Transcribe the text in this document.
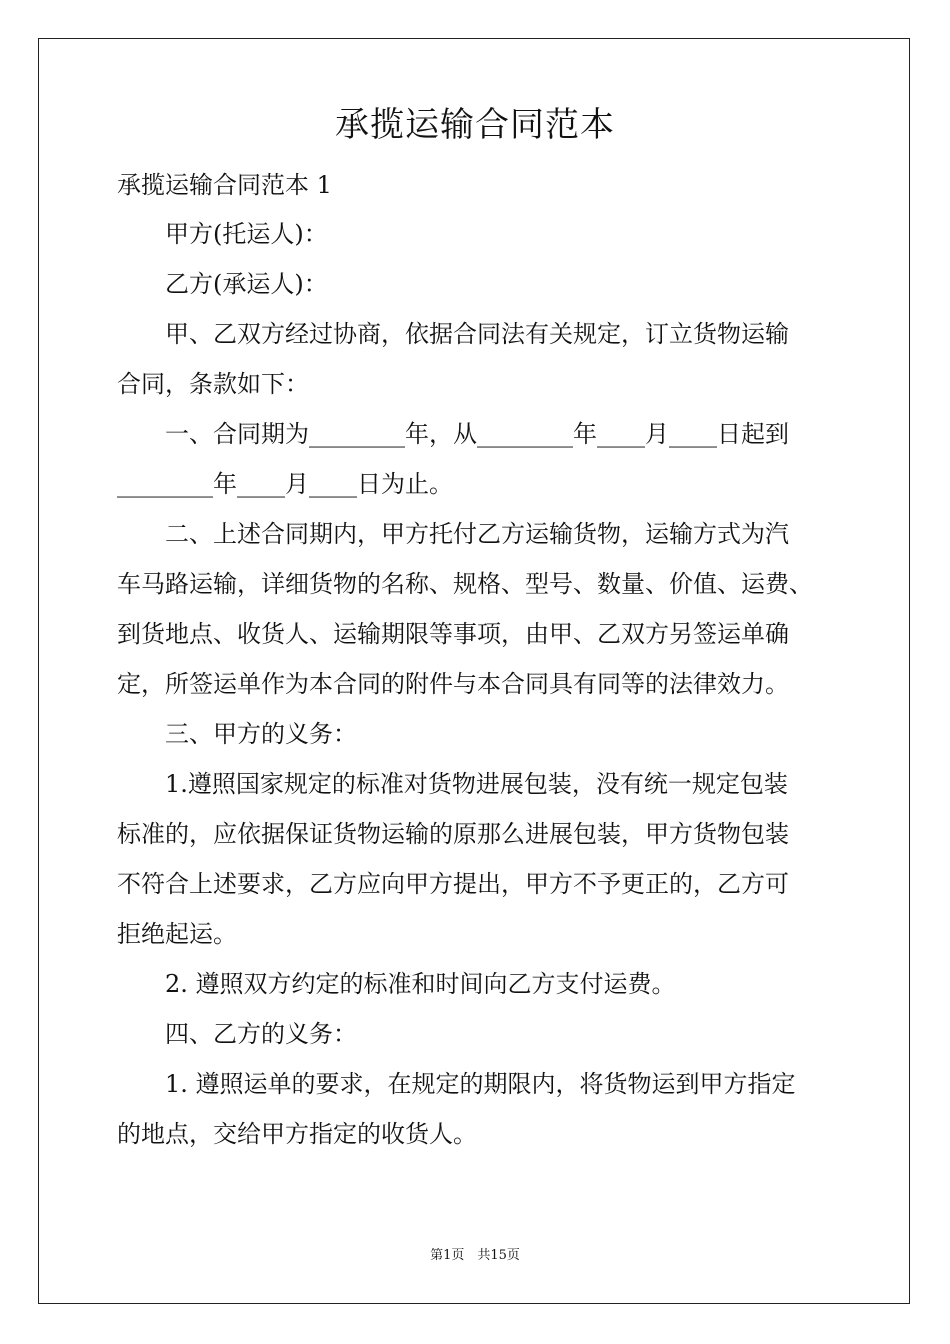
承揽运输合同范本
承揽运输合同范本 1
甲方(托运人)：
乙方(承运人)：
甲、乙双方经过协商，依据合同法有关规定，订立货物运输
合同，条款如下：
一、合同期为________年，从________年____月____日起到
________年____月____日为止。
二、上述合同期内，甲方托付乙方运输货物，运输方式为汽
车马路运输，详细货物的名称、规格、型号、数量、价值、运费、
到货地点、收货人、运输期限等事项，由甲、乙双方另签运单确
定，所签运单作为本合同的附件与本合同具有同等的法律效力。
三、甲方的义务：
1.遵照国家规定的标准对货物进展包装，没有统一规定包装
标准的，应依据保证货物运输的原那么进展包装，甲方货物包装
不符合上述要求，乙方应向甲方提出，甲方不予更正的，乙方可
拒绝起运。
2. 遵照双方约定的标准和时间向乙方支付运费。
四、乙方的义务：
1. 遵照运单的要求，在规定的期限内，将货物运到甲方指定
的地点，交给甲方指定的收货人。
第1页　共15页
